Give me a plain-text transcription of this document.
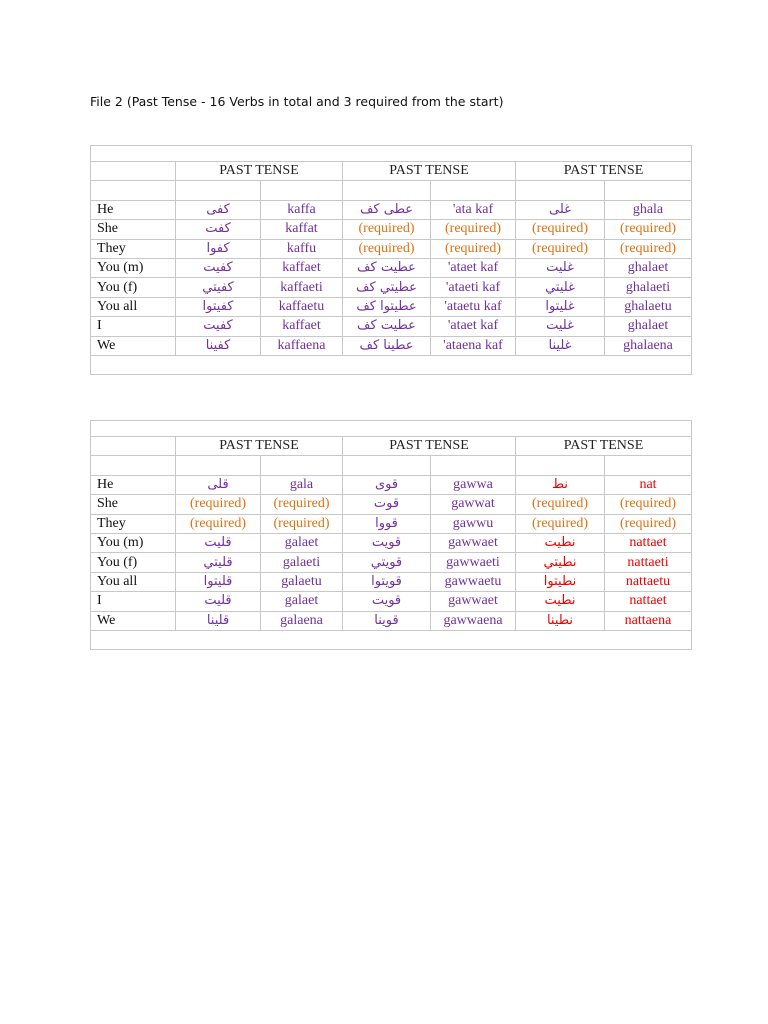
File 2 (Past Tense - 16 Verbs in total and 3 required from the start)

	PAST TENSE		PAST TENSE		PAST TENSE	

He	كفى	kaffa	عطى كف	'ata kaf	غلى	ghala
She	كفت	kaffat	(required)	(required)	(required)	(required)
They	كفوا	kaffu	(required)	(required)	(required)	(required)
You (m)	كفيت	kaffaet	عطيت كف	'ataet kaf	غليت	ghalaet
You (f)	كفيتي	kaffaeti	عطيتي كف	'ataeti kaf	غليتي	ghalaeti
You all	كفيتوا	kaffaetu	عطيتوا كف	'ataetu kaf	غليتوا	ghalaetu
I	كفيت	kaffaet	عطيت كف	'ataet kaf	غليت	ghalaet
We	كفينا	kaffaena	عطينا كف	'ataena kaf	غلينا	ghalaena

	PAST TENSE		PAST TENSE		PAST TENSE	

He	قلى	gala	قوى	gawwa	نط	nat
She	(required)	(required)	قوت	gawwat	(required)	(required)
They	(required)	(required)	قووا	gawwu	(required)	(required)
You (m)	قليت	galaet	قويت	gawwaet	نطيت	nattaet
You (f)	قليتي	galaeti	قويتي	gawwaeti	نطيتي	nattaeti
You all	قليتوا	galaetu	قويتوا	gawwaetu	نطيتوا	nattaetu
I	قليت	galaet	قويت	gawwaet	نطيت	nattaet
We	قلينا	galaena	قوينا	gawwaena	نطينا	nattaena
